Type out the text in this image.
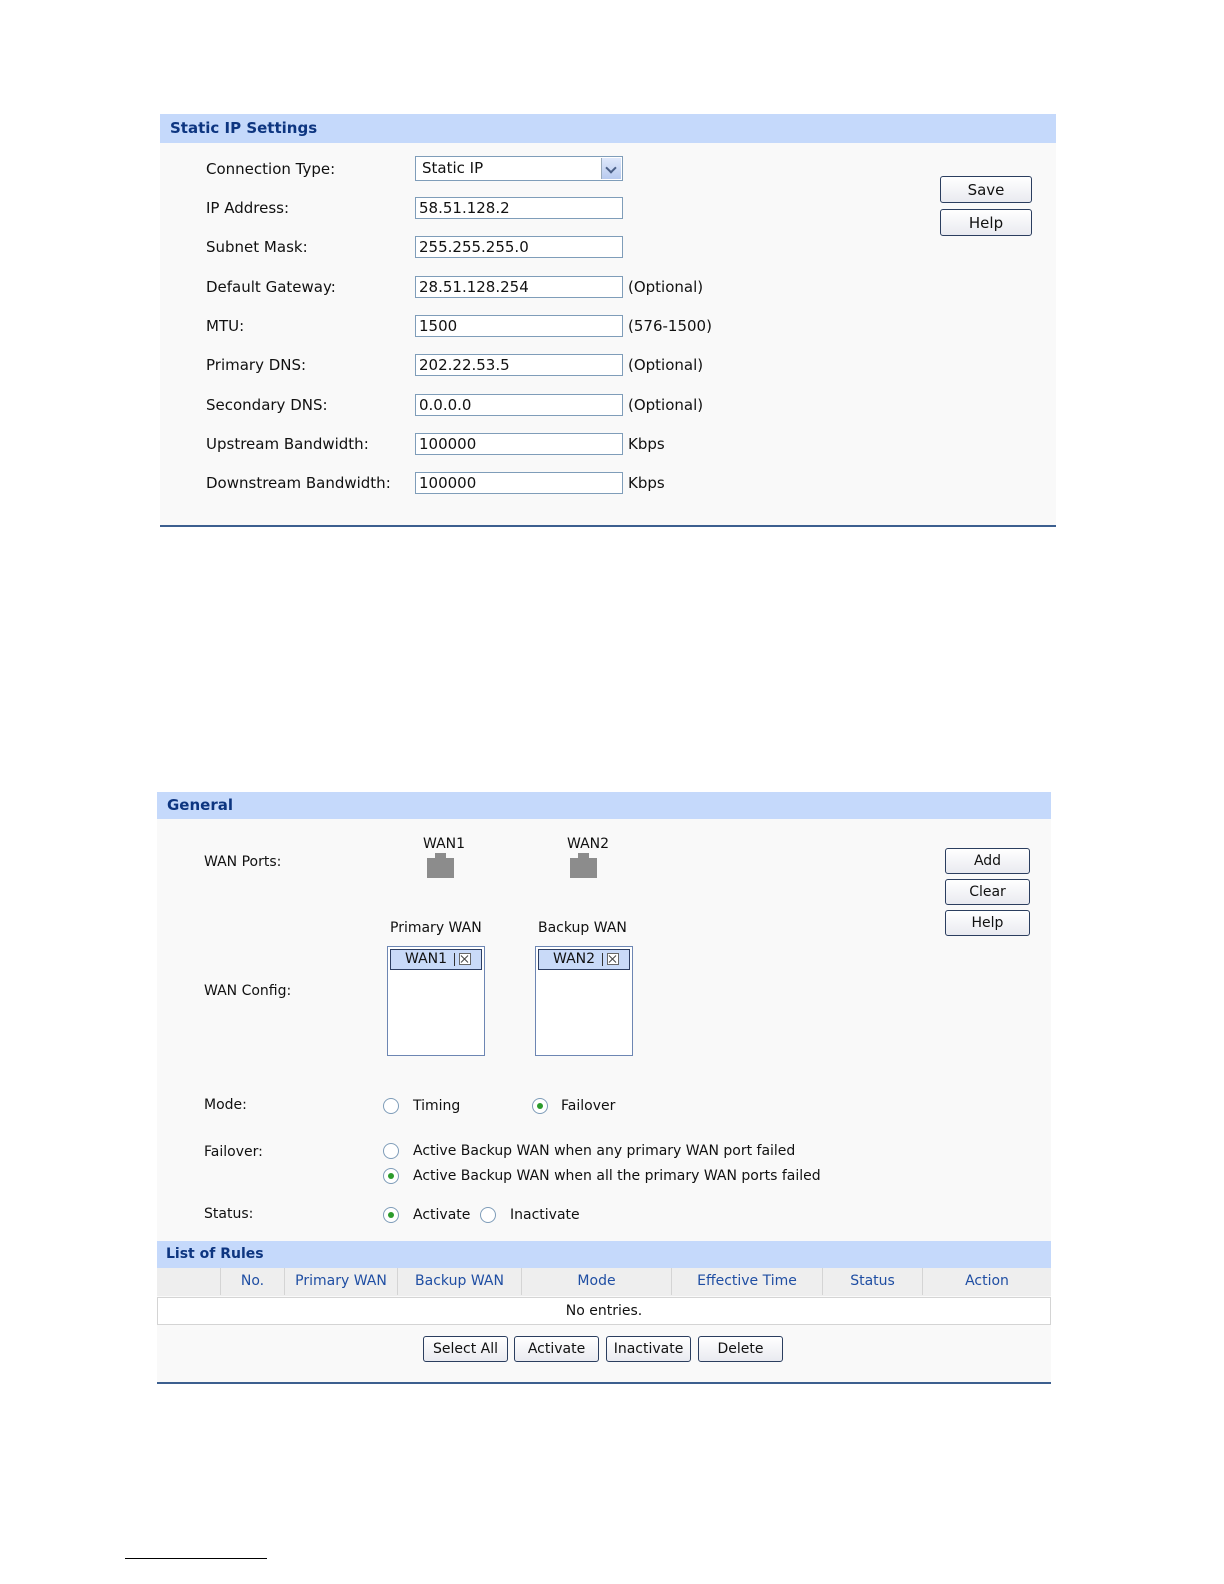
Static IP Settings
Connection Type:	Static IP
IP Address:
58.51.128.2
Subnet Mask:
255.255.255.0
Default Gateway:
28.51.128.254	(Optional)
MTU:
1500	(576-1500)
Primary DNS:
202.22.53.5	(Optional)
Secondary DNS:
0.0.0.0	(Optional)
Upstream Bandwidth:
100000	Kbps
Downstream Bandwidth:
100000	Kbps
Save
Help
General
WAN Ports:
WAN1	WAN2
Primary WAN	Backup WAN
WAN Config:
WAN1	WAN2
Mode:	Timing	Failover
Failover:	Active Backup WAN when any primary WAN port failed
Active Backup WAN when all the primary WAN ports failed
Status:	Activate	Inactivate
Add
Clear
Help
List of Rules
No.	Primary WAN	Backup WAN	Mode	Effective Time	Status	Action
No entries.
Select All	Activate	Inactivate	Delete
